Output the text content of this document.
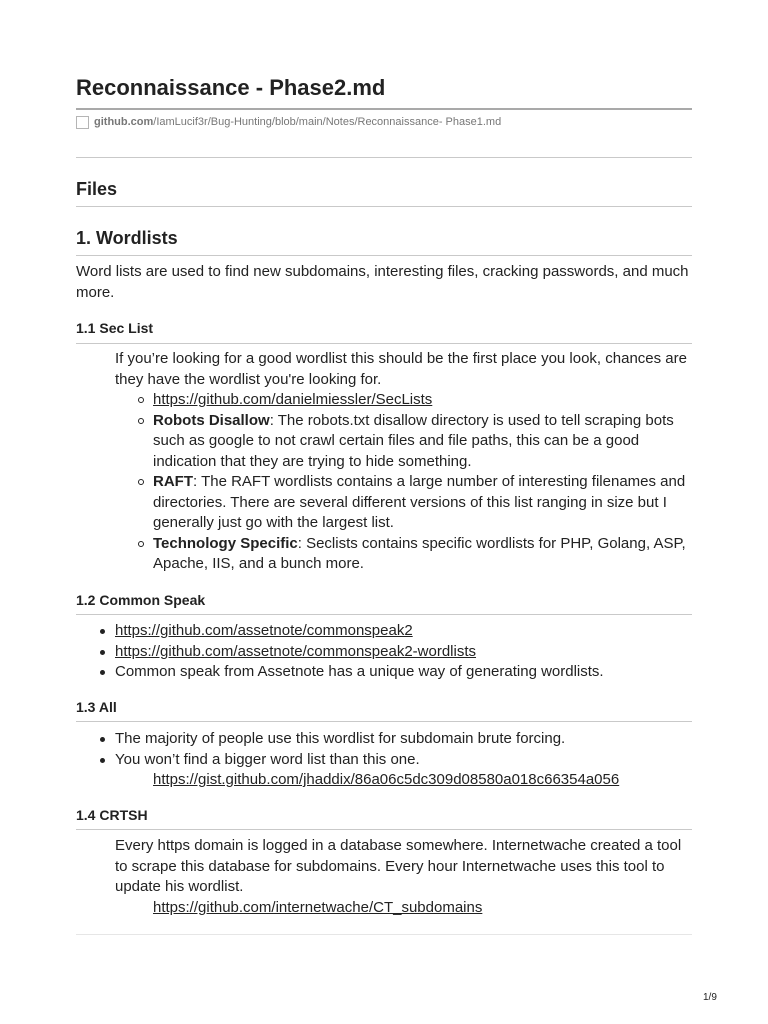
Reconnaissance - Phase2.md
github.com /IamLucif3r/Bug-Hunting/blob/main/Notes/Reconnaissance- Phase1.md
Files
1. Wordlists

Word lists are used to find new subdomains, interesting files, cracking passwords, and much more.

1.1 Sec List

If you’re looking for a good wordlist this should be the first place you look, chances are they have the wordlist you're looking for.

https://github.com/danielmiessler/SecLists
Robots Disallow: The robots.txt disallow directory is used to tell scraping bots such as google to not crawl certain files and file paths, this can be a good indication that they are trying to hide something.
RAFT: The RAFT wordlists contains a large number of interesting filenames and directories. There are several different versions of this list ranging in size but I generally just go with the largest list.
Technology Specific: Seclists contains specific wordlists for PHP, Golang, ASP, Apache, IIS, and a bunch more.
1.2 Common Speak
https://github.com/assetnote/commonspeak2
https://github.com/assetnote/commonspeak2-wordlists
Common speak from Assetnote has a unique way of generating wordlists.
1.3 All
The majority of people use this wordlist for subdomain brute forcing.
You won’t find a bigger word list than this one.
https://gist.github.com/jhaddix/86a06c5dc309d08580a018c66354a056
1.4 CRTSH

Every https domain is logged in a database somewhere. Internetwache created a tool to scrape this database for subdomains. Every hour Internetwache uses this tool to update his wordlist.

https://github.com/internetwache/CT_subdomains
1/9
